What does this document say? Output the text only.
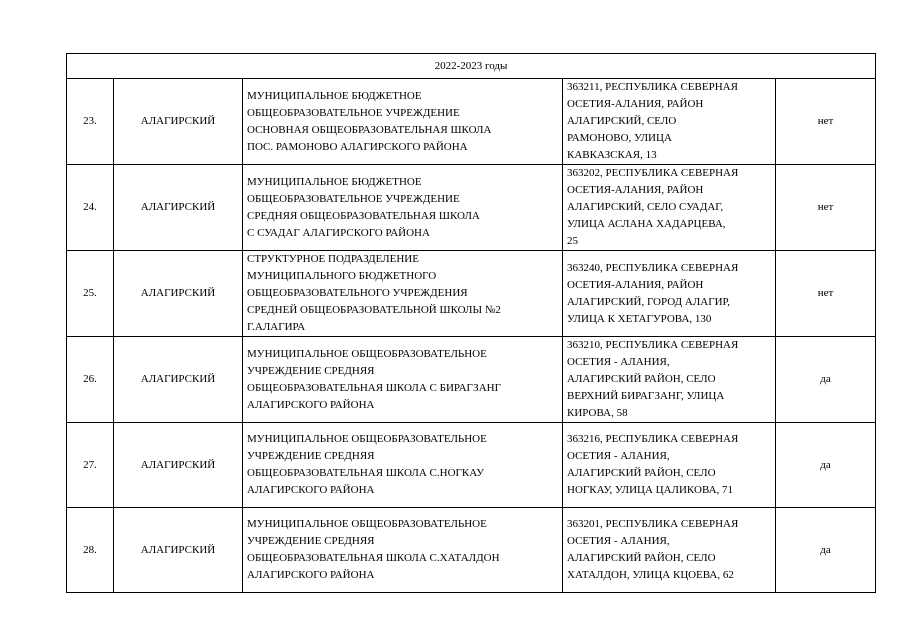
2022-2023 годы				
23.	АЛАГИРСКИЙ	МУНИЦИПАЛЬНОЕ БЮДЖЕТНОЕ
ОБЩЕОБРАЗОВАТЕЛЬНОЕ УЧРЕЖДЕНИЕ
ОСНОВНАЯ ОБЩЕОБРАЗОВАТЕЛЬНАЯ ШКОЛА
ПОС. РАМОНОВО АЛАГИРСКОГО РАЙОНА	363211, РЕСПУБЛИКА СЕВЕРНАЯ
ОСЕТИЯ-АЛАНИЯ, РАЙОН
АЛАГИРСКИЙ, СЕЛО
РАМОНОВО, УЛИЦА
КАВКАЗСКАЯ, 13	нет
24.	АЛАГИРСКИЙ	МУНИЦИПАЛЬНОЕ БЮДЖЕТНОЕ
ОБЩЕОБРАЗОВАТЕЛЬНОЕ УЧРЕЖДЕНИЕ
СРЕДНЯЯ ОБЩЕОБРАЗОВАТЕЛЬНАЯ ШКОЛА
С СУАДАГ АЛАГИРСКОГО РАЙОНА	363202, РЕСПУБЛИКА СЕВЕРНАЯ
ОСЕТИЯ-АЛАНИЯ, РАЙОН
АЛАГИРСКИЙ, СЕЛО СУАДАГ,
УЛИЦА АСЛАНА ХАДАРЦЕВА,
25	нет
25.	АЛАГИРСКИЙ	СТРУКТУРНОЕ ПОДРАЗДЕЛЕНИЕ
МУНИЦИПАЛЬНОГО БЮДЖЕТНОГО
ОБЩЕОБРАЗОВАТЕЛЬНОГО УЧРЕЖДЕНИЯ
СРЕДНЕЙ ОБЩЕОБРАЗОВАТЕЛЬНОЙ ШКОЛЫ №2
Г.АЛАГИРА	363240, РЕСПУБЛИКА СЕВЕРНАЯ
ОСЕТИЯ-АЛАНИЯ, РАЙОН
АЛАГИРСКИЙ, ГОРОД АЛАГИР,
УЛИЦА К ХЕТАГУРОВА, 130	нет
26.	АЛАГИРСКИЙ	МУНИЦИПАЛЬНОЕ ОБЩЕОБРАЗОВАТЕЛЬНОЕ
УЧРЕЖДЕНИЕ СРЕДНЯЯ
ОБЩЕОБРАЗОВАТЕЛЬНАЯ ШКОЛА С БИРАГЗАНГ
АЛАГИРСКОГО РАЙОНА	363210, РЕСПУБЛИКА СЕВЕРНАЯ
ОСЕТИЯ - АЛАНИЯ,
АЛАГИРСКИЙ РАЙОН, СЕЛО
ВЕРХНИЙ БИРАГЗАНГ, УЛИЦА
КИРОВА, 58	да
27.	АЛАГИРСКИЙ	МУНИЦИПАЛЬНОЕ ОБЩЕОБРАЗОВАТЕЛЬНОЕ
УЧРЕЖДЕНИЕ СРЕДНЯЯ
ОБЩЕОБРАЗОВАТЕЛЬНАЯ ШКОЛА С.НОГКАУ
АЛАГИРСКОГО РАЙОНА	363216, РЕСПУБЛИКА СЕВЕРНАЯ
ОСЕТИЯ - АЛАНИЯ,
АЛАГИРСКИЙ РАЙОН, СЕЛО
НОГКАУ, УЛИЦА ЦАЛИКОВА, 71	да
28.	АЛАГИРСКИЙ	МУНИЦИПАЛЬНОЕ ОБЩЕОБРАЗОВАТЕЛЬНОЕ
УЧРЕЖДЕНИЕ СРЕДНЯЯ
ОБЩЕОБРАЗОВАТЕЛЬНАЯ ШКОЛА С.ХАТАЛДОН
АЛАГИРСКОГО РАЙОНА	363201, РЕСПУБЛИКА СЕВЕРНАЯ
ОСЕТИЯ - АЛАНИЯ,
АЛАГИРСКИЙ РАЙОН, СЕЛО
ХАТАЛДОН, УЛИЦА КЦОЕВА, 62	да
